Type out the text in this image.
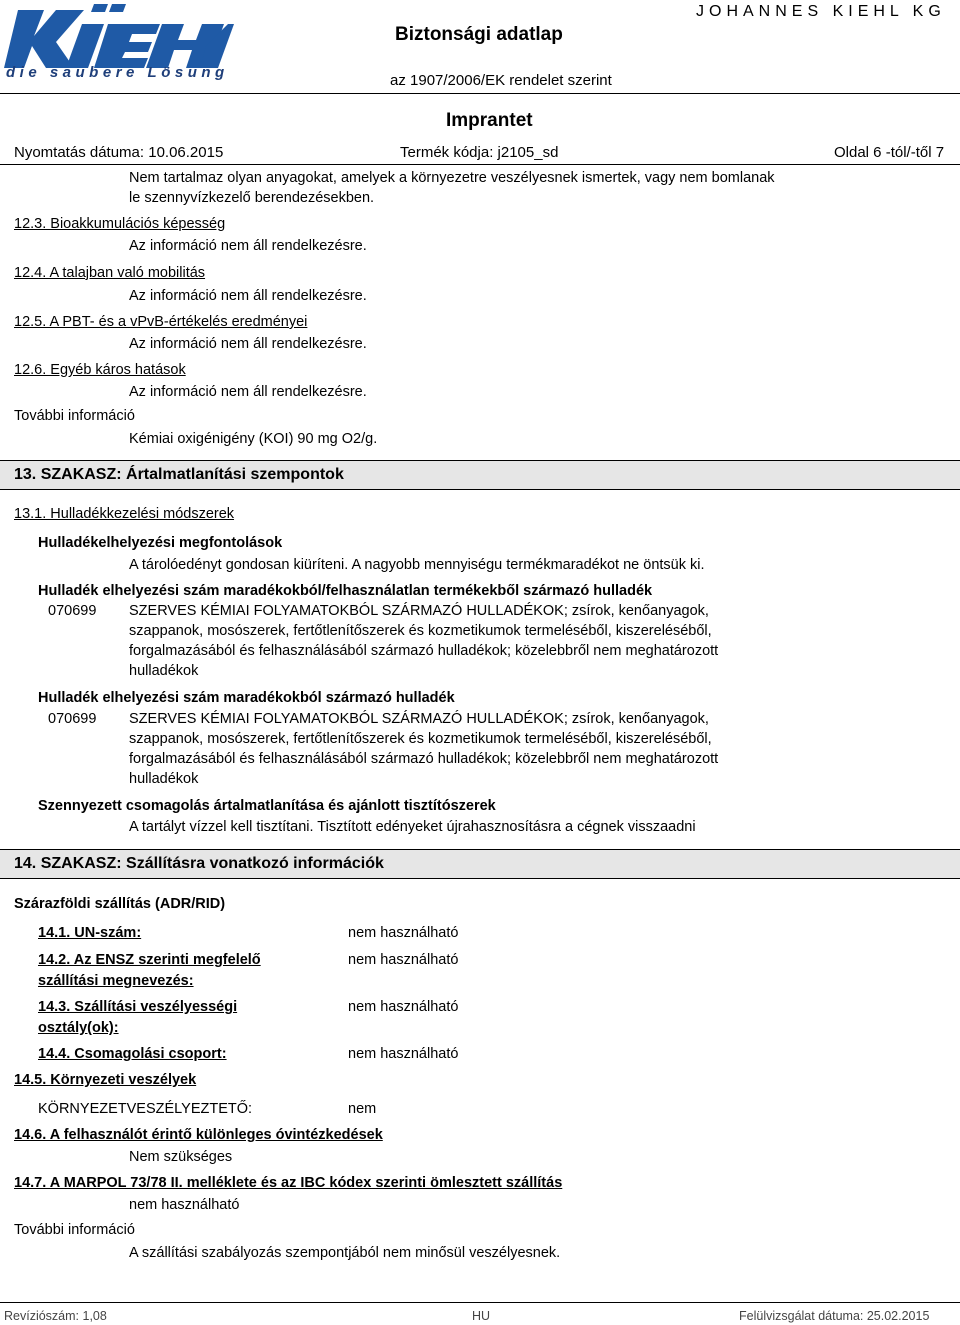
die saubere Lösung
Biztonsági adatlap
JOHANNES KIEHL KG
az 1907/2006/EK rendelet szerint
Imprantet
Nyomtatás dátuma: 10.06.2015	Termék kódja: j2105_sd	Oldal 6 -tól/-től 7
Nem tartalmaz olyan anyagokat, amelyek a környezetre veszélyesnek ismertek, vagy nem bomlanak
le szennyvízkezelő berendezésekben.
12.3. Bioakkumulációs képesség
Az információ nem áll rendelkezésre.
12.4. A talajban való mobilitás
Az információ nem áll rendelkezésre.
12.5. A PBT- és a vPvB-értékelés eredményei
Az információ nem áll rendelkezésre.
12.6. Egyéb káros hatások
Az információ nem áll rendelkezésre.
További információ
Kémiai oxigénigény (KOI) 90 mg O2/g.
13. SZAKASZ: Ártalmatlanítási szempontok
13.1. Hulladékkezelési módszerek
Hulladékelhelyezési megfontolások
A tárolóedényt gondosan kiüríteni. A nagyobb mennyiségu termékmaradékot ne öntsük ki.
Hulladék elhelyezési szám maradékokból/felhasználatlan termékekből származó hulladék
070699 SZERVES KÉMIAI FOLYAMATOKBÓL SZÁRMAZÓ HULLADÉKOK; zsírok, kenőanyagok,
szappanok, mosószerek, fertőtlenítőszerek és kozmetikumok termeléséből, kiszereléséből,
forgalmazásából és felhasználásából származó hulladékok; közelebbről nem meghatározott
hulladékok
Hulladék elhelyezési szám maradékokból származó hulladék
070699 SZERVES KÉMIAI FOLYAMATOKBÓL SZÁRMAZÓ HULLADÉKOK; zsírok, kenőanyagok,
szappanok, mosószerek, fertőtlenítőszerek és kozmetikumok termeléséből, kiszereléséből,
forgalmazásából és felhasználásából származó hulladékok; közelebbről nem meghatározott
hulladékok
Szennyezett csomagolás ártalmatlanítása és ajánlott tisztítószerek
A tartályt vízzel kell tisztítani. Tisztított edényeket újrahasznosításra a cégnek visszaadni
14. SZAKASZ: Szállításra vonatkozó információk
Szárazföldi szállítás (ADR/RID)
14.1. UN-szám:	nem használható
14.2. Az ENSZ szerinti megfelelő
szállítási megnevezés:
nem használható
14.3. Szállítási veszélyességi
osztály(ok):
nem használható
14.4. Csomagolási csoport:	nem használható
14.5. Környezeti veszélyek
KÖRNYEZETVESZÉLYEZTETŐ:	nem
14.6. A felhasználót érintő különleges óvintézkedések
Nem szükséges
14.7. A MARPOL 73/78 II. melléklete és az IBC kódex szerinti ömlesztett szállítás
nem használható
További információ
A szállítási szabályozás szempontjából nem minősül veszélyesnek.
Revíziószám: 1,08	HU	Felülvizsgálat dátuma: 25.02.2015
